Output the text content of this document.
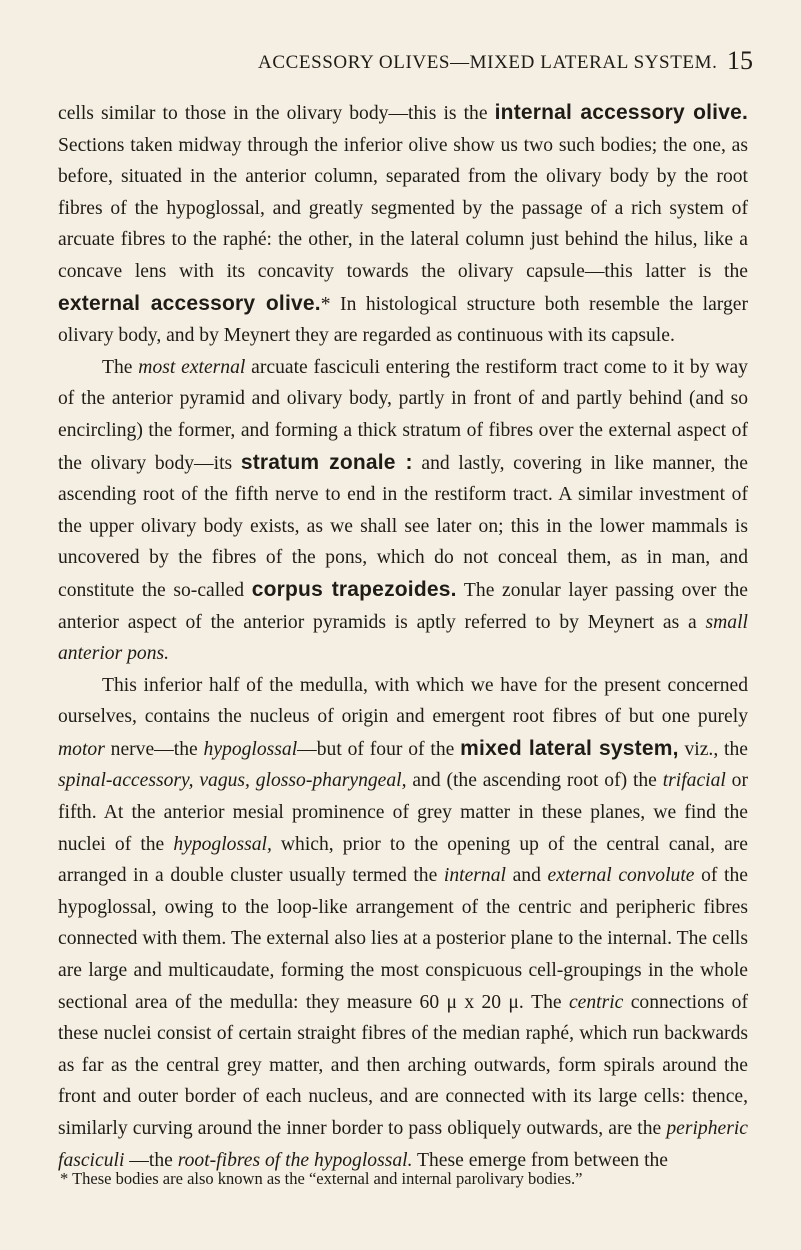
ACCESSORY OLIVES—MIXED LATERAL SYSTEM. 15

cells similar to those in the olivary body—this is the internal accessory olive. Sections taken midway through the inferior olive show us two such bodies; the one, as before, situated in the anterior column, separated from the olivary body by the root fibres of the hypoglossal, and greatly segmented by the passage of a rich system of arcuate fibres to the raphé: the other, in the lateral column just behind the hilus, like a concave lens with its concavity towards the olivary capsule—this latter is the external accessory olive.* In histological structure both resemble the larger olivary body, and by Meynert they are regarded as continuous with its capsule.

The most external arcuate fasciculi entering the restiform tract come to it by way of the anterior pyramid and olivary body, partly in front of and partly behind (and so encircling) the former, and forming a thick stratum of fibres over the external aspect of the olivary body—its stratum zonale : and lastly, covering in like manner, the ascending root of the fifth nerve to end in the restiform tract. A similar investment of the upper olivary body exists, as we shall see later on; this in the lower mammals is uncovered by the fibres of the pons, which do not conceal them, as in man, and constitute the so-called corpus trapezoides. The zonular layer passing over the anterior aspect of the anterior pyramids is aptly referred to by Meynert as a small anterior pons.

This inferior half of the medulla, with which we have for the present concerned ourselves, contains the nucleus of origin and emergent root fibres of but one purely motor nerve—the hypoglossal—but of four of the mixed lateral system, viz., the spinal-accessory, vagus, glosso-pharyngeal, and (the ascending root of) the trifacial or fifth. At the anterior mesial prominence of grey matter in these planes, we find the nuclei of the hypoglossal, which, prior to the opening up of the central canal, are arranged in a double cluster usually termed the internal and external convolute of the hypoglossal, owing to the loop-like arrangement of the centric and peripheric fibres connected with them. The external also lies at a posterior plane to the internal. The cells are large and multicaudate, forming the most conspicuous cell-groupings in the whole sectional area of the medulla: they measure 60 μ x 20 μ. The centric connections of these nuclei consist of certain straight fibres of the median raphé, which run backwards as far as the central grey matter, and then arching outwards, form spirals around the front and outer border of each nucleus, and are connected with its large cells: thence, similarly curving around the inner border to pass obliquely outwards, are the peripheric fasciculi —the root-fibres of the hypoglossal. These emerge from between the

* These bodies are also known as the “external and internal parolivary bodies.”
